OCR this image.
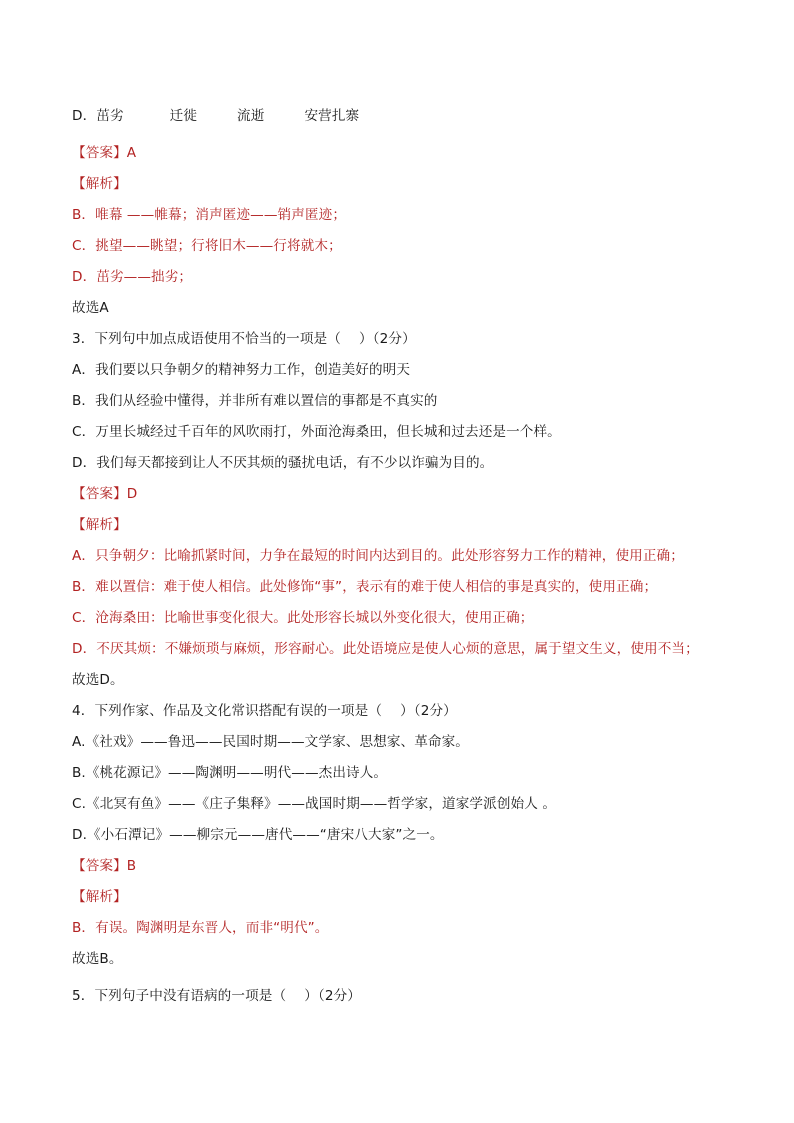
D．茁劣	迁徙	流逝	安营扎寨
【答案】A
【解析】
B．唯幕 ——帷幕；消声匿迹——销声匿迹；
C．挑望——眺望；行将旧木——行将就木；
D．茁劣——拙劣；
故选A
3．下列句中加点成语使用不恰当的一项是（　 ）（2分）
A．我们要以只争朝夕的精神努力工作，创造美好的明天
B．我们从经验中懂得，并非所有难以置信的事都是不真实的
C．万里长城经过千百年的风吹雨打，外面沧海桑田，但长城和过去还是一个样。
D．我们每天都接到让人不厌其烦的骚扰电话，有不少以诈骗为目的。
【答案】D
【解析】
A．只争朝夕：比喻抓紧时间，力争在最短的时间内达到目的。此处形容努力工作的精神，使用正确；
B．难以置信：难于使人相信。此处修饰“事”，表示有的难于使人相信的事是真实的，使用正确；
C．沧海桑田：比喻世事变化很大。此处形容长城以外变化很大，使用正确；
D．不厌其烦：不嫌烦琐与麻烦，形容耐心。此处语境应是使人心烦的意思，属于望文生义，使用不当；
故选D。
4．下列作家、作品及文化常识搭配有误的一项是（　 ）（2分）
A.《社戏》——鲁迅——民国时期——文学家、思想家、革命家。
B.《桃花源记》——陶渊明——明代——杰出诗人。
C.《北冥有鱼》——《庄子集释》——战国时期——哲学家，道家学派创始人 。
D.《小石潭记》——柳宗元——唐代——“唐宋八大家”之一。
【答案】B
【解析】
B．有误。陶渊明是东晋人，而非“明代”。
故选B。
5．下列句子中没有语病的一项是（　 ）（2分）
